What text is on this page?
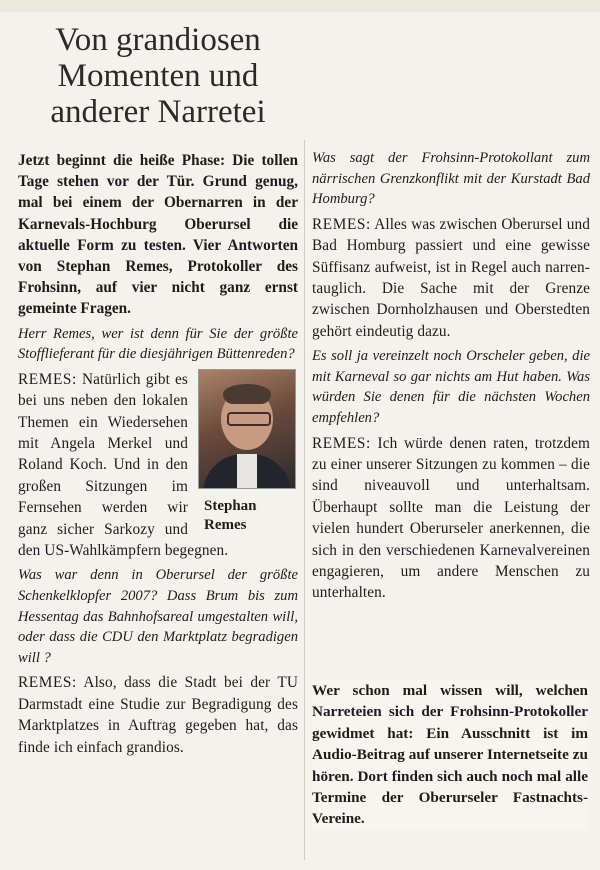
Von grandiosen
Momenten und
anderer Narretei

Jetzt beginnt die heiße Phase: Die tollen Tage stehen vor der Tür. Grund genug, mal bei einem der Obernarren in der Karnevals-Hochburg Oberursel die aktuelle Form zu testen. Vier Antworten von Stephan Remes, Protokoller des Frohsinn, auf vier nicht ganz ernst gemeinte Fragen.

Herr Remes, wer ist denn für Sie der größte Stofflieferant für die diesjährigen Büttenreden?

Stephan
Remes

REMES: Natürlich gibt es bei uns neben den lokalen Themen ein Wiedersehen mit Angela Merkel und Roland Koch. Und in den großen Sitzungen im Fernsehen werden wir ganz sicher Sarkozy und den US-Wahlkämpfern begegnen.

Was war denn in Oberursel der größte Schenkelklopfer 2007? Dass Brum bis zum Hessentag das Bahnhofsareal umgestalten will, oder dass die CDU den Marktplatz begradigen will ?

REMES: Also, dass die Stadt bei der TU Darmstadt eine Studie zur Begradigung des Marktplatzes in Auftrag gegeben hat, das finde ich einfach grandios.

Was sagt der Frohsinn-Protokollant zum närrischen Grenzkonflikt mit der Kurstadt Bad Homburg?

REMES: Alles was zwischen Oberursel und Bad Homburg passiert und eine gewisse Süffisanz aufweist, ist in Regel auch narren-tauglich. Die Sache mit der Grenze zwischen Dornholzhausen und Oberstedten gehört eindeutig dazu.

Es soll ja vereinzelt noch Orscheler geben, die mit Karneval so gar nichts am Hut haben. Was würden Sie denen für die nächsten Wochen empfehlen?

REMES: Ich würde denen raten, trotzdem zu einer unserer Sitzungen zu kommen – die sind niveauvoll und unterhaltsam. Überhaupt sollte man die Leistung der vielen hundert Oberurseler anerkennen, die sich in den verschiedenen Karnevalvereinen engagieren, um andere Menschen zu unterhalten.

Wer schon mal wissen will, welchen Narreteien sich der Frohsinn-Protokoller gewidmet hat: Ein Ausschnitt ist im Audio-Beitrag auf unserer Internetseite zu hören. Dort finden sich auch noch mal alle Termine der Oberurseler Fastnachts-Vereine.
